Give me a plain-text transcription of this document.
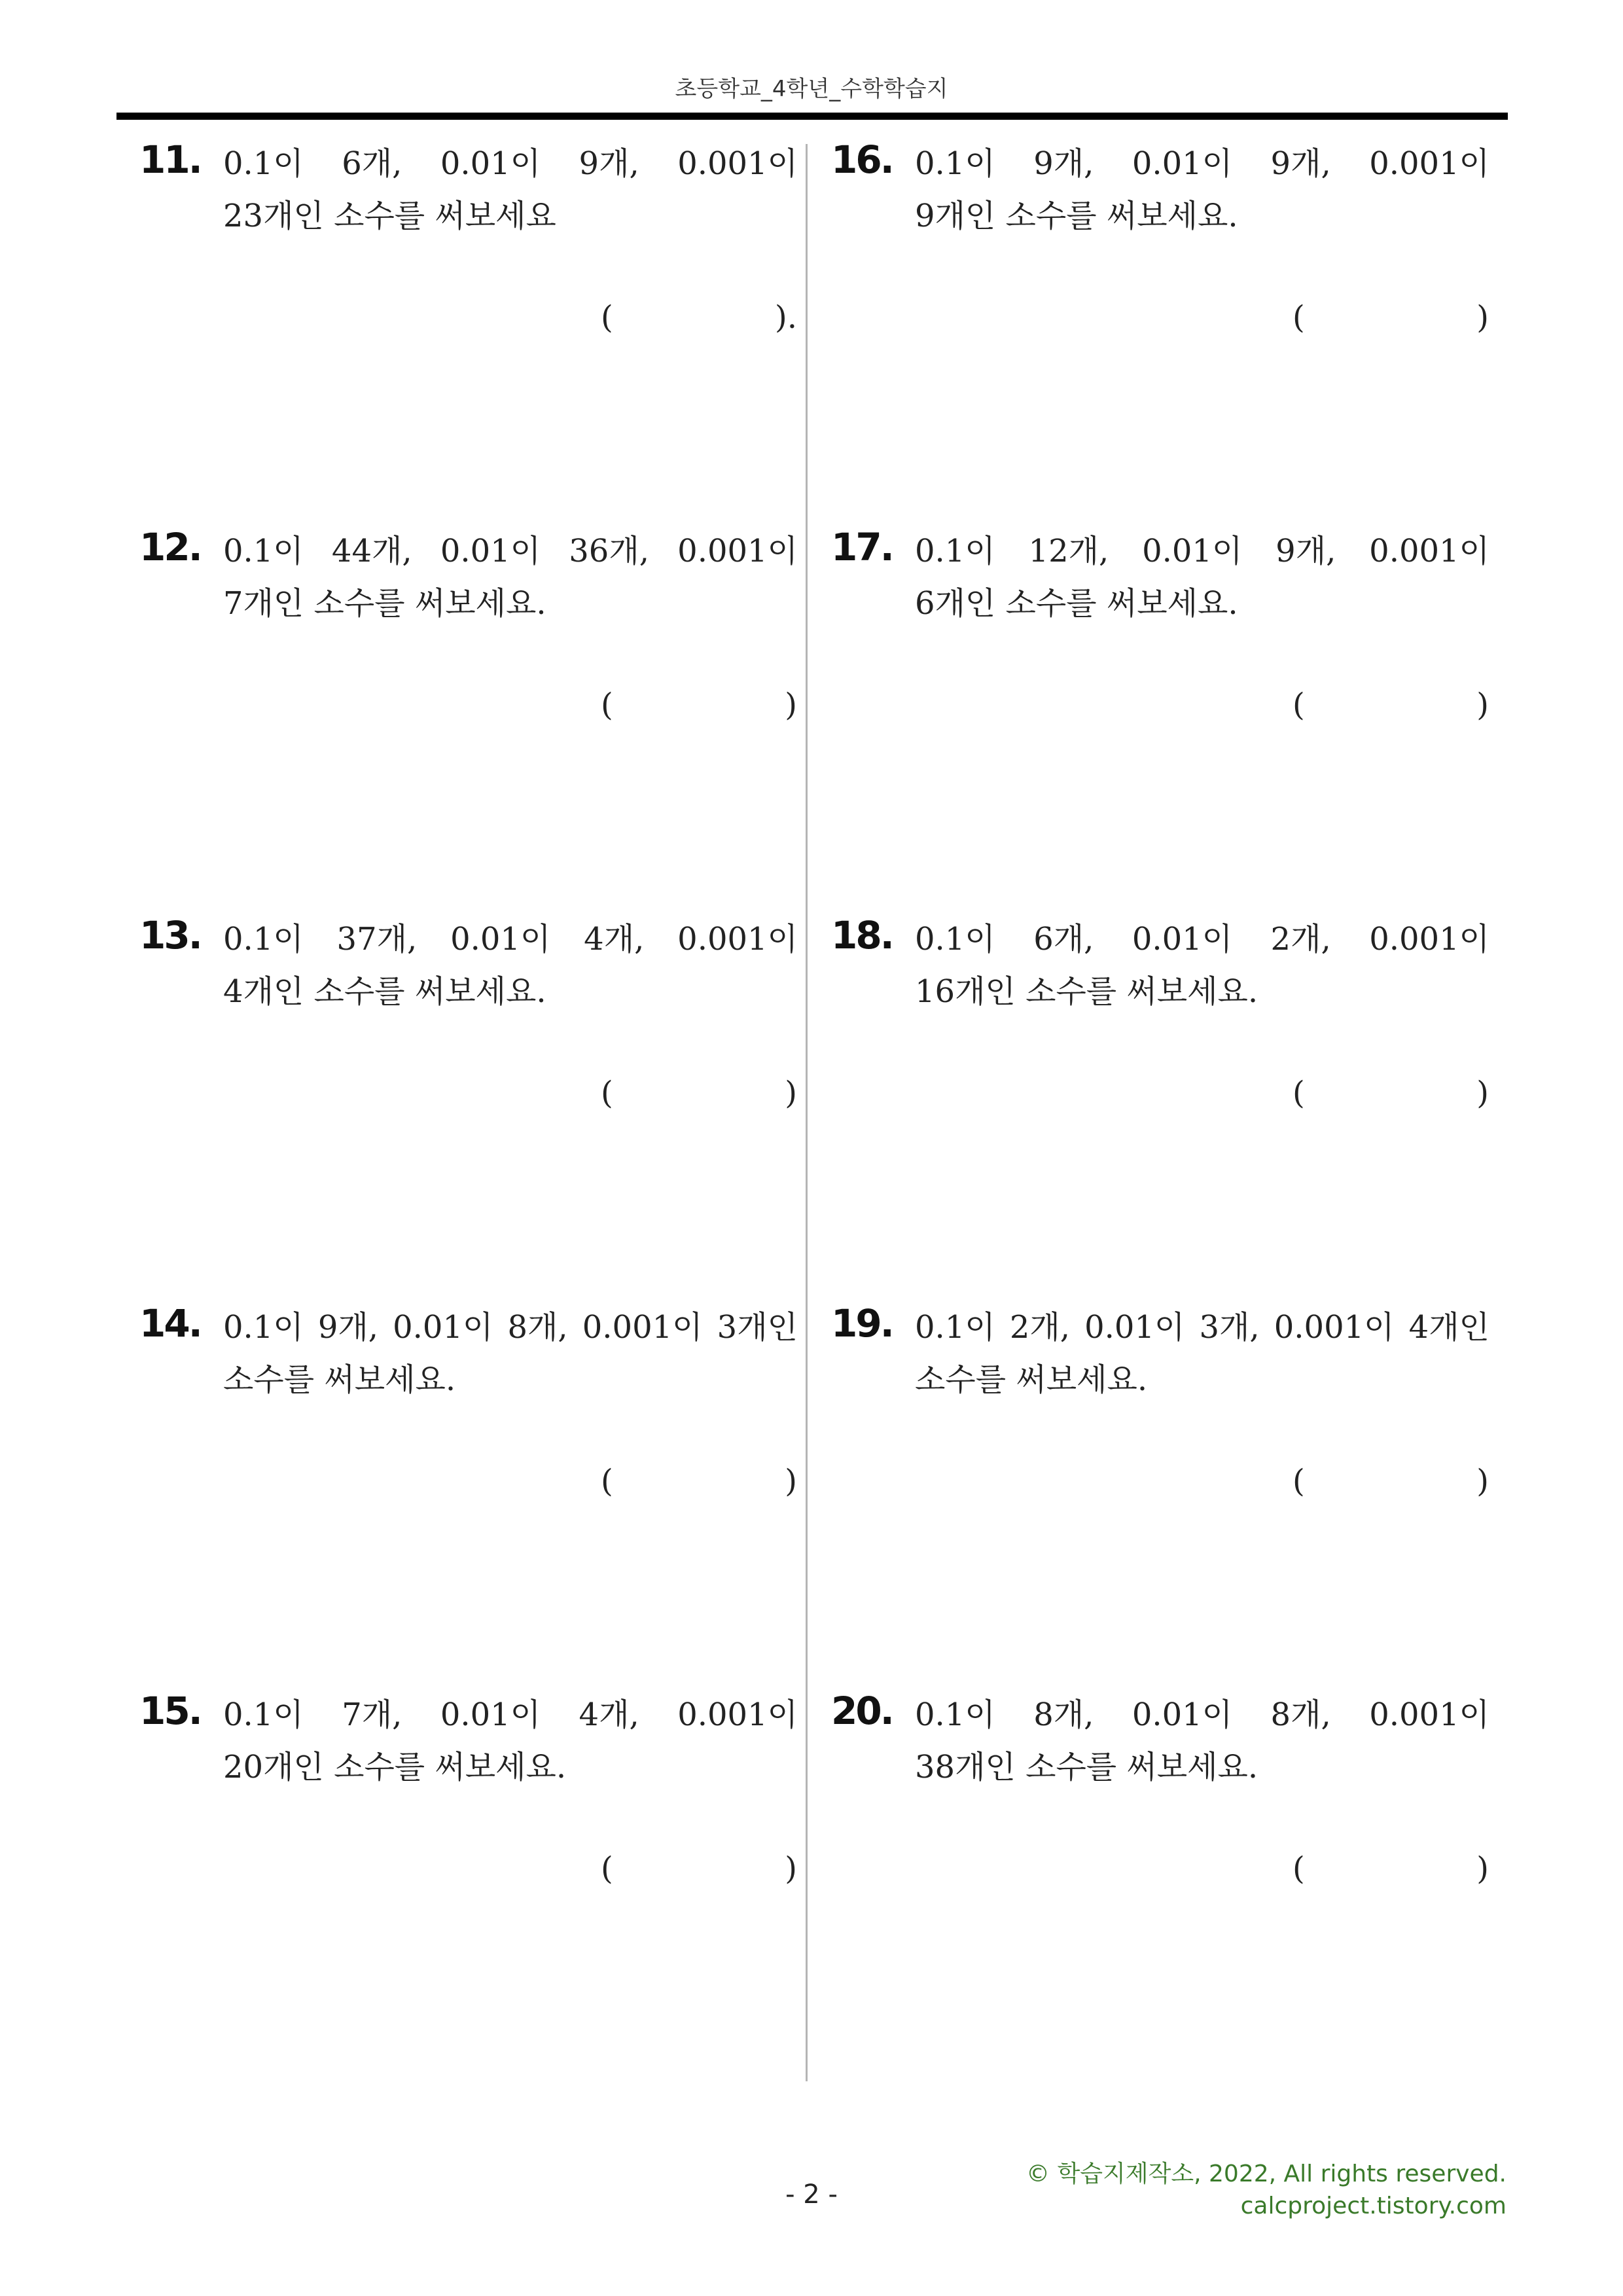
초등학교_4학년_수학학습지
11. 0.1이 6개, 0.01이 9개, 0.001이
23개인 소수를 써보세요
(	).
12. 0.1이 44개, 0.01이 36개, 0.001이
7개인 소수를 써보세요.
(	)
13. 0.1이 37개, 0.01이 4개, 0.001이
4개인 소수를 써보세요.
(	)
14. 0.1이 9개, 0.01이 8개, 0.001이 3개인
소수를 써보세요.
(	)
15. 0.1이 7개, 0.01이 4개, 0.001이
20개인 소수를 써보세요.
(	)
16. 0.1이 9개, 0.01이 9개, 0.001이
9개인 소수를 써보세요.
(	)
17. 0.1이 12개, 0.01이 9개, 0.001이
6개인 소수를 써보세요.
(	)
18. 0.1이 6개, 0.01이 2개, 0.001이
16개인 소수를 써보세요.
(	)
19. 0.1이 2개, 0.01이 3개, 0.001이 4개인
소수를 써보세요.
(	)
20. 0.1이 8개, 0.01이 8개, 0.001이
38개인 소수를 써보세요.
(	)
© 학습지제작소, 2022, All rights reserved.
calcproject.tistory.com
- 2 -
